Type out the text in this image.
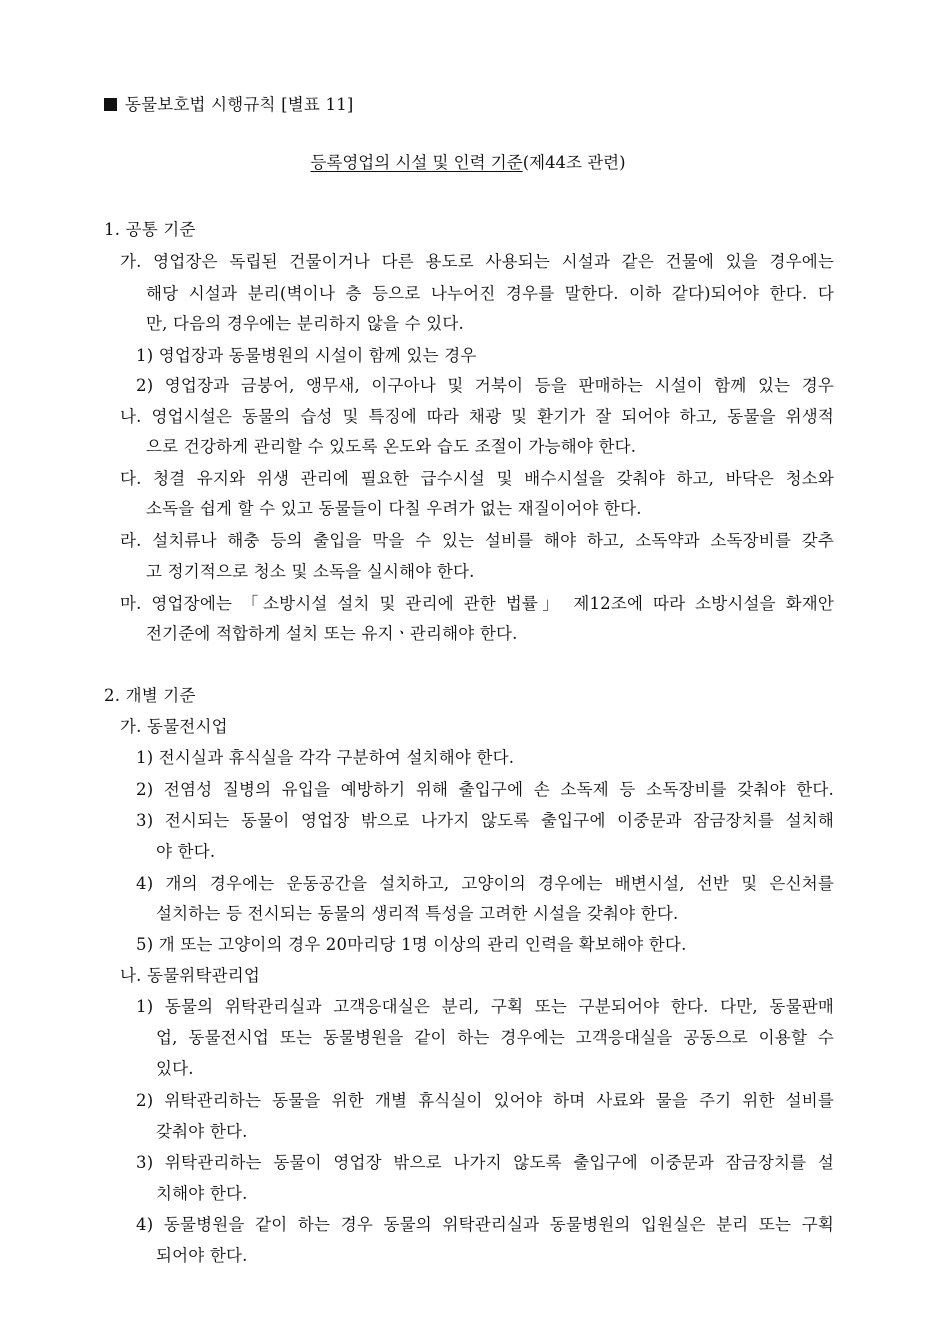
동물보호법 시행규칙 [별표 11]
등록영업의 시설 및 인력 기준(제44조 관련)
1. 공통 기준
가. 영업장은 독립된 건물이거나 다른 용도로 사용되는 시설과 같은 건물에 있을 경우에는
해당 시설과 분리(벽이나 층 등으로 나누어진 경우를 말한다. 이하 같다)되어야 한다. 다
만, 다음의 경우에는 분리하지 않을 수 있다.
1) 영업장과 동물병원의 시설이 함께 있는 경우
2) 영업장과 금붕어, 앵무새, 이구아나 및 거북이 등을 판매하는 시설이 함께 있는 경우
나. 영업시설은 동물의 습성 및 특징에 따라 채광 및 환기가 잘 되어야 하고, 동물을 위생적
으로 건강하게 관리할 수 있도록 온도와 습도 조절이 가능해야 한다.
다. 청결 유지와 위생 관리에 필요한 급수시설 및 배수시설을 갖춰야 하고, 바닥은 청소와
소독을 쉽게 할 수 있고 동물들이 다칠 우려가 없는 재질이어야 한다.
라. 설치류나 해충 등의 출입을 막을 수 있는 설비를 해야 하고, 소독약과 소독장비를 갖추
고 정기적으로 청소 및 소독을 실시해야 한다.
마. 영업장에는 「소방시설 설치 및 관리에 관한 법률」 제12조에 따라 소방시설을 화재안
전기준에 적합하게 설치 또는 유지ㆍ관리해야 한다.
2. 개별 기준
가. 동물전시업
1) 전시실과 휴식실을 각각 구분하여 설치해야 한다.
2) 전염성 질병의 유입을 예방하기 위해 출입구에 손 소독제 등 소독장비를 갖춰야 한다.
3) 전시되는 동물이 영업장 밖으로 나가지 않도록 출입구에 이중문과 잠금장치를 설치해
야 한다.
4) 개의 경우에는 운동공간을 설치하고, 고양이의 경우에는 배변시설, 선반 및 은신처를
설치하는 등 전시되는 동물의 생리적 특성을 고려한 시설을 갖춰야 한다.
5) 개 또는 고양이의 경우 20마리당 1명 이상의 관리 인력을 확보해야 한다.
나. 동물위탁관리업
1) 동물의 위탁관리실과 고객응대실은 분리, 구획 또는 구분되어야 한다. 다만, 동물판매
업, 동물전시업 또는 동물병원을 같이 하는 경우에는 고객응대실을 공동으로 이용할 수
있다.
2) 위탁관리하는 동물을 위한 개별 휴식실이 있어야 하며 사료와 물을 주기 위한 설비를
갖춰야 한다.
3) 위탁관리하는 동물이 영업장 밖으로 나가지 않도록 출입구에 이중문과 잠금장치를 설
치해야 한다.
4) 동물병원을 같이 하는 경우 동물의 위탁관리실과 동물병원의 입원실은 분리 또는 구획
되어야 한다.
